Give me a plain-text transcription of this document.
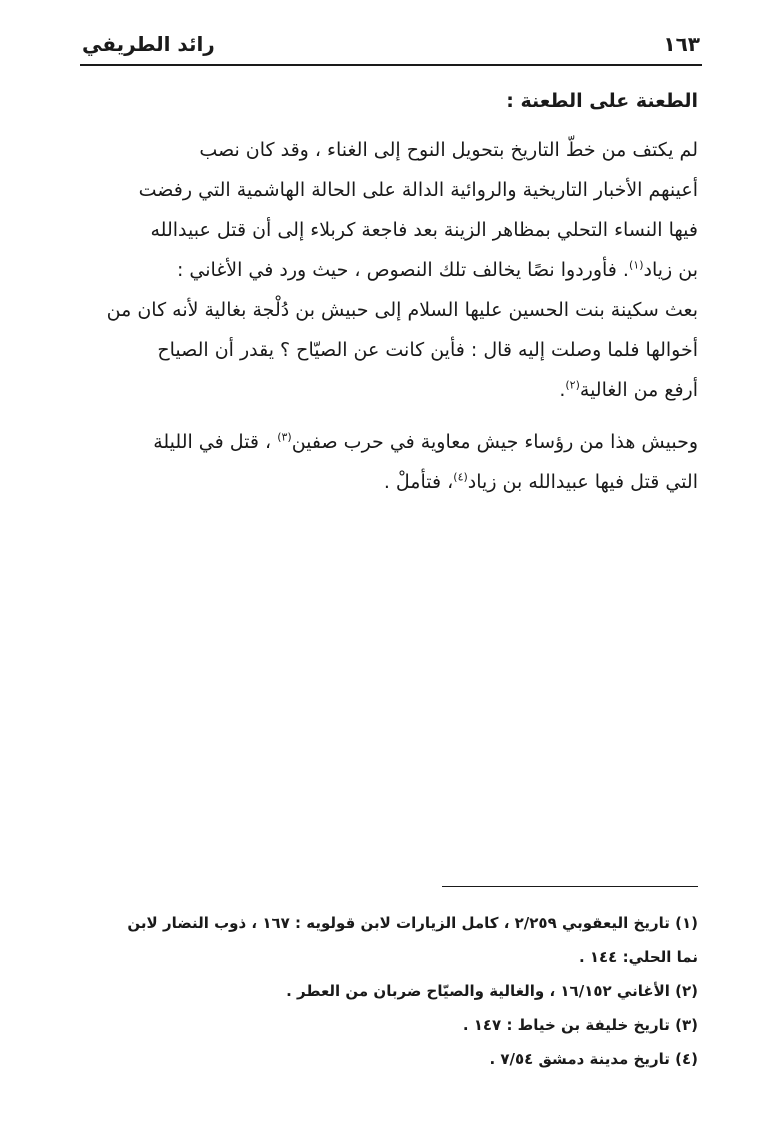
١٦٣
رائد الطريفي
الطعنة على الطعنة :
لم يكتف من خطّ التاريخ بتحويل النوح إلى الغناء ، وقد كان نصب
أعينهم الأخبار التاريخية والروائية الدالة على الحالة الهاشمية التي رفضت
فيها النساء التحلي بمظاهر الزينة بعد فاجعة كربلاء إلى أن قتل عبيدالله
بن زياد$^{(١)}$. فأوردوا نصًا يخالف تلك النصوص ، حيث ورد في الأغاني :
بعث سكينة بنت الحسين عليها السلام إلى حبيش بن دُلْجة بغالية لأنه كان من
أخوالها فلما وصلت إليه قال : فأين كانت عن الصيّاح ؟ يقدر أن الصياح
أرفع من الغالية$^{(٢)}$.
وحبيش هذا من رؤساء جيش معاوية في حرب صفين$^{(٣)}$ ، قتل في الليلة
التي قتل فيها عبيدالله بن زياد$^{(٤)}$، فتأملْ .
(١) تاريخ اليعقوبي ٢/٢٥٩ ، كامل الزيارات لابن قولويه : ١٦٧ ، ذوب النضار لابن
نما الحلي: ١٤٤ .
(٢) الأغاني ١٦/١٥٢ ، والغالية والصيّاح ضربان من العطر .
(٣) تاريخ خليفة بن خياط : ١٤٧ .
(٤) تاريخ مدينة دمشق ٧/٥٤ .
